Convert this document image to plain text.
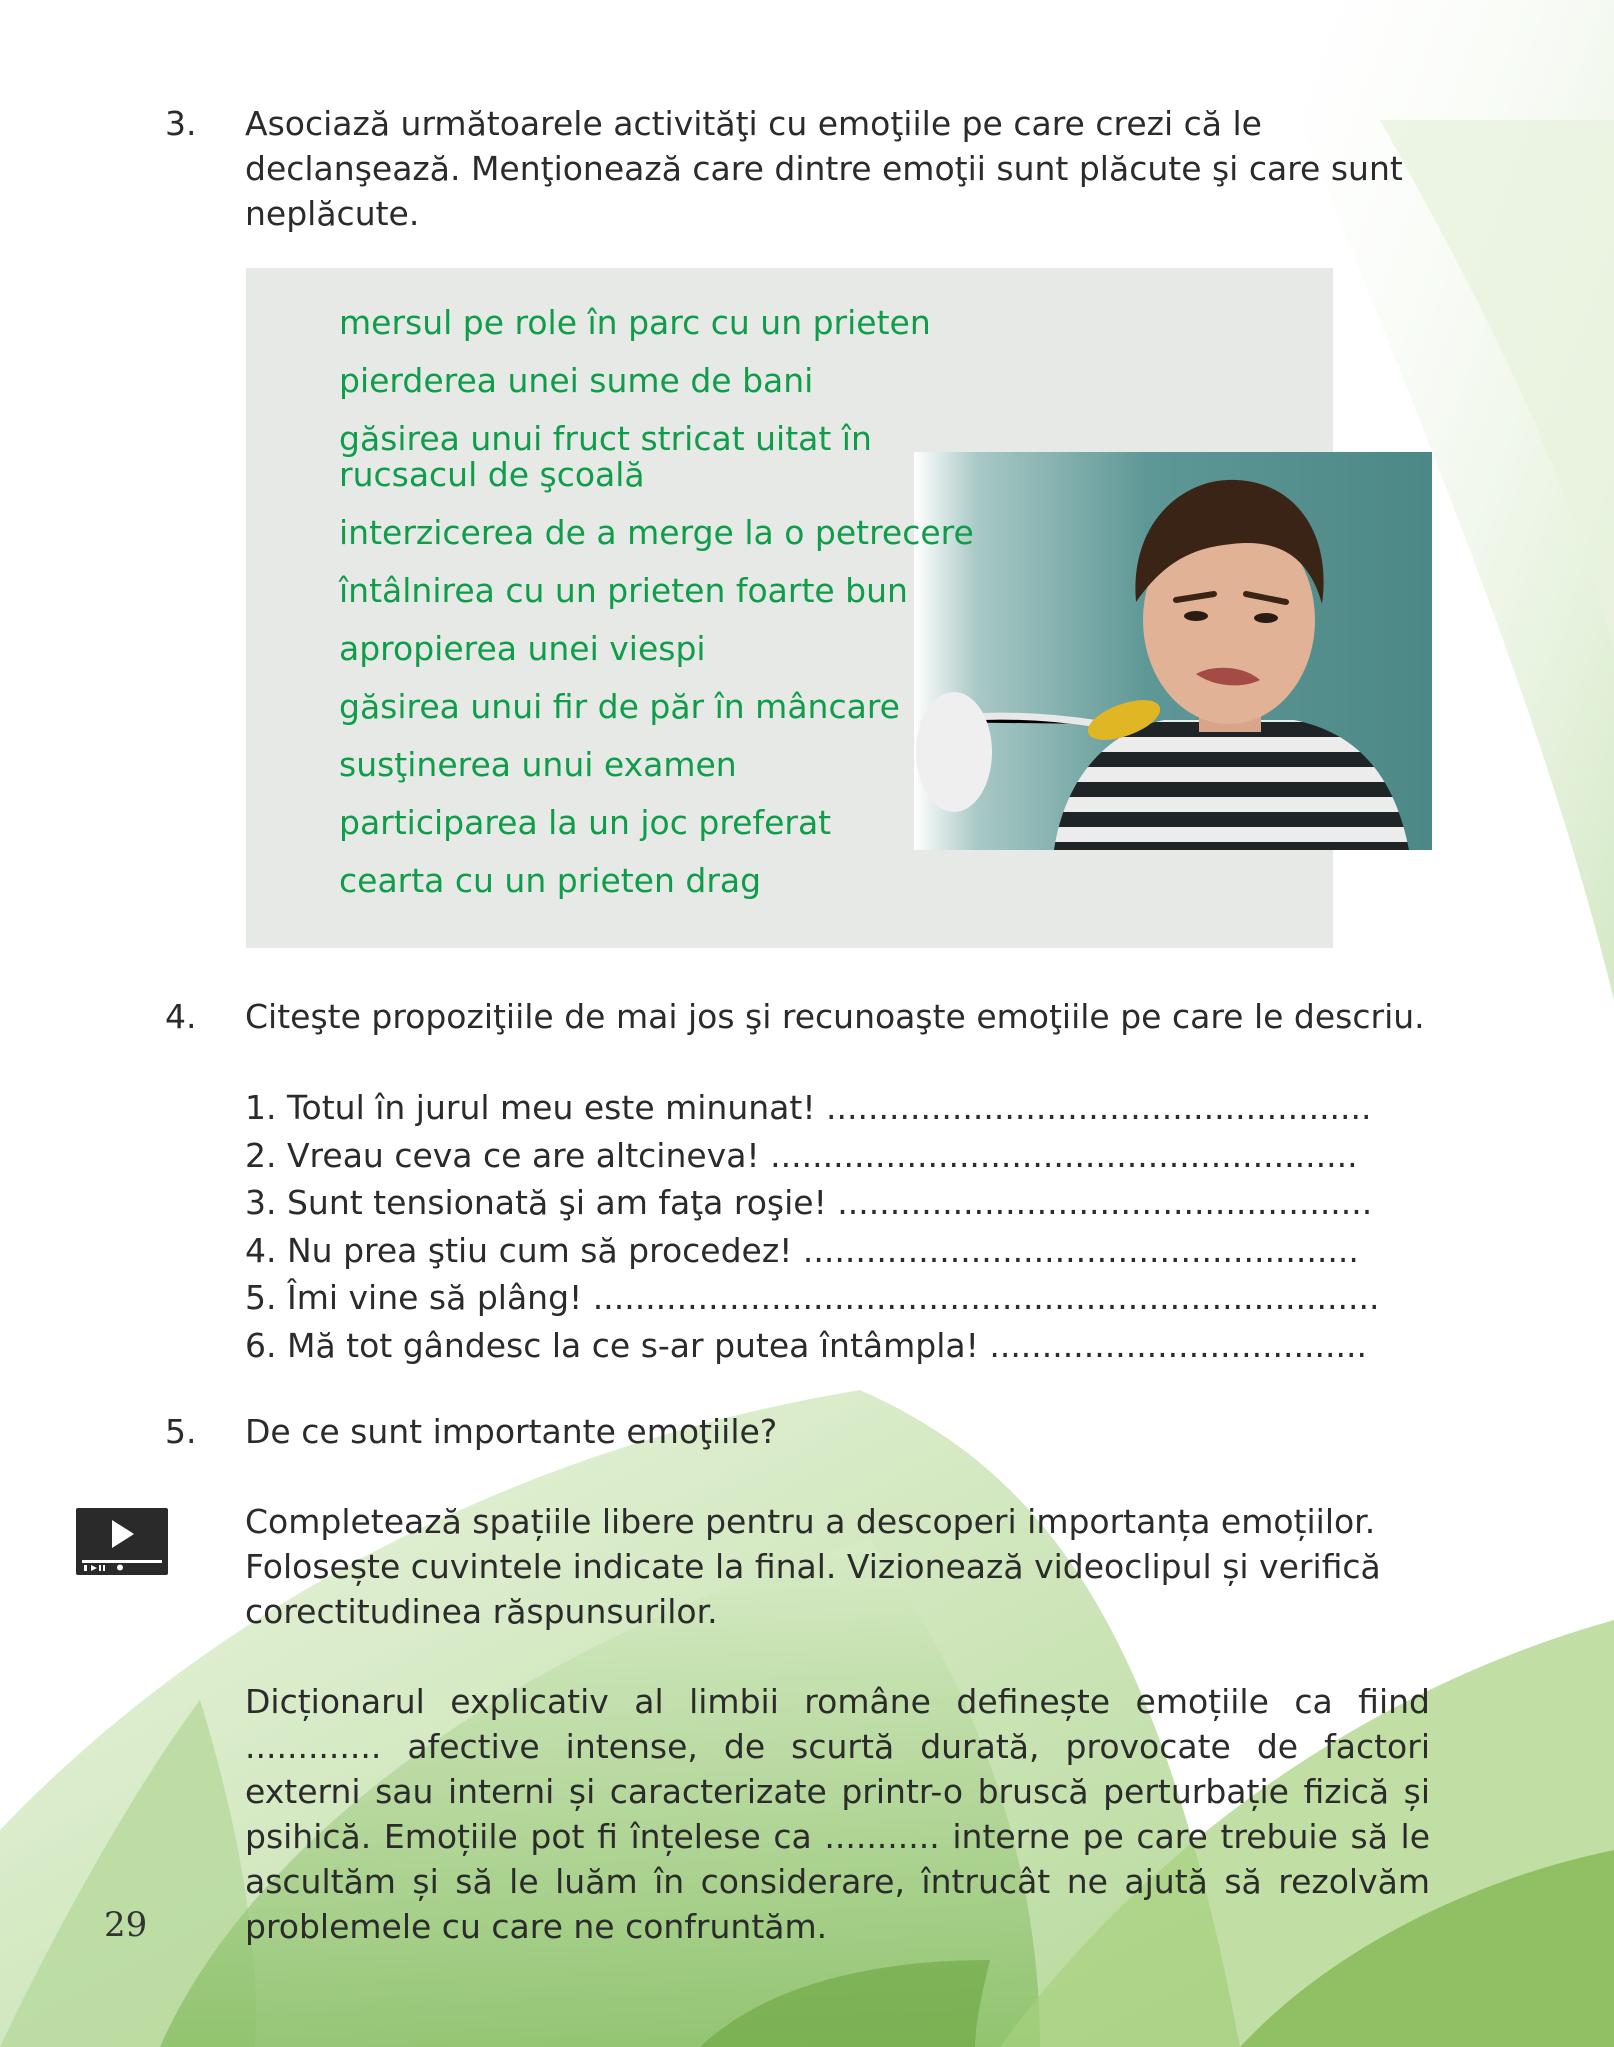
3. Asociază următoarele activităţi cu emoţiile pe care crezi că le declanşează. Menţionează care dintre emoţii sunt plăcute şi care sunt neplăcute.
mersul pe role în parc cu un prieten
pierderea unei sume de bani
găsirea unui fruct stricat uitat în rucsacul de şcoală
interzicerea de a merge la o petrecere
întâlnirea cu un prieten foarte bun
apropierea unei viespi
găsirea unui fir de păr în mâncare
susţinerea unui examen
participarea la un joc preferat
cearta cu un prieten drag
4. Citeşte propoziţiile de mai jos şi recunoaşte emoţiile pe care le descriu.
1. Totul în jurul meu este minunat! ....................................................
2. Vreau ceva ce are altcineva! ........................................................
3. Sunt tensionată şi am faţa roşie! ...................................................
4. Nu prea ştiu cum să procedez! .....................................................
5. Îmi vine să plâng! ...........................................................................
6. Mă tot gândesc la ce s-ar putea întâmpla! ....................................
5. De ce sunt importante emoţiile?
Completează spațiile libere pentru a descoperi importanța emoțiilor. Folosește cuvintele indicate la final. Vizionează videoclipul și verifică corectitudinea răspunsurilor.
Dicționarul explicativ al limbii române definește emoțiile ca fiind ............. afective intense, de scurtă durată, provocate de factori externi sau interni și caracterizate printr-o bruscă perturbație fizică și psihică. Emoțiile pot fi înțelese ca ........... interne pe care trebuie să le ascultăm și să le luăm în considerare, întrucât ne ajută să rezolvăm problemele cu care ne confruntăm.
29
